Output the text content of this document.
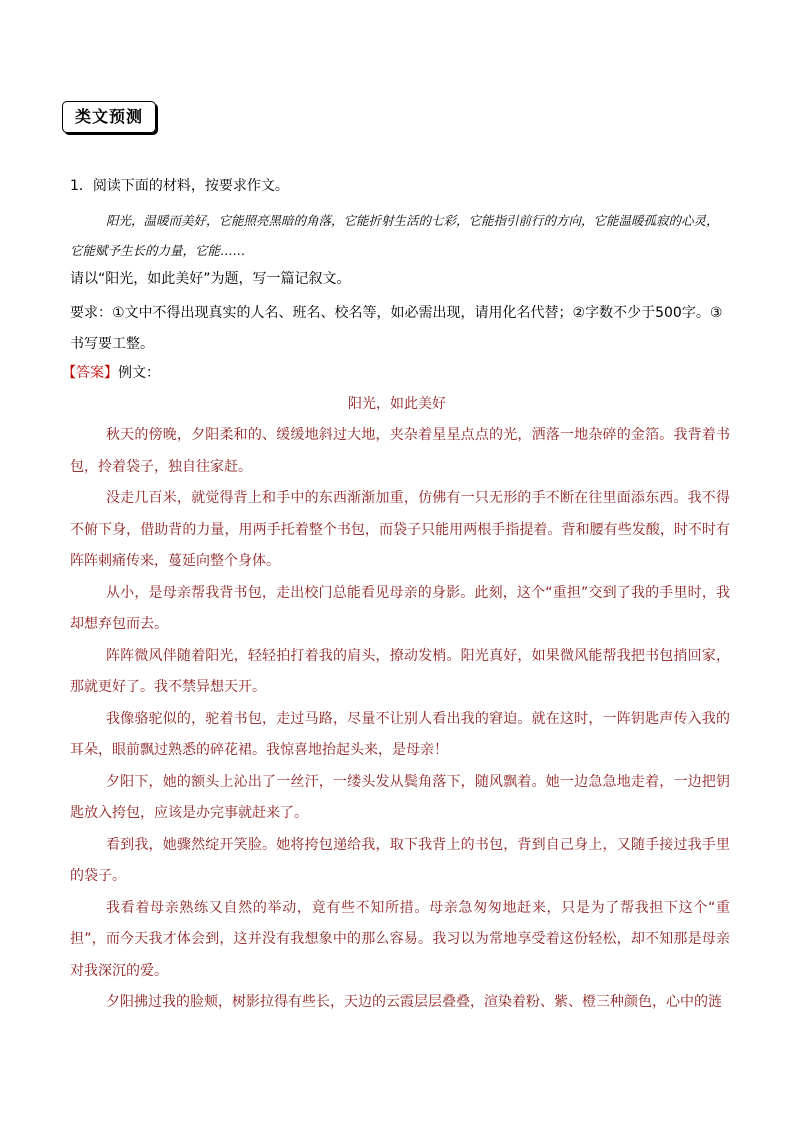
类文预测
1．阅读下面的材料，按要求作文。
阳光，温暖而美好，它能照亮黑暗的角落，它能折射生活的七彩，它能指引前行的方向，它能温暖孤寂的心灵，它能赋予生长的力量，它能……
请以“阳光，如此美好”为题，写一篇记叙文。
要求：①文中不得出现真实的人名、班名、校名等，如必需出现，请用化名代替；②字数不少于500字。③书写要工整。
【答案】例文：
阳光，如此美好

秋天的傍晚，夕阳柔和的、缓缓地斜过大地，夹杂着星星点点的光，洒落一地杂碎的金箔。我背着书包，拎着袋子，独自往家赶。

没走几百米，就觉得背上和手中的东西渐渐加重，仿佛有一只无形的手不断在往里面添东西。我不得不俯下身，借助背的力量，用两手托着整个书包，而袋子只能用两根手指提着。背和腰有些发酸，时不时有阵阵刺痛传来，蔓延向整个身体。

从小，是母亲帮我背书包，走出校门总能看见母亲的身影。此刻，这个“重担”交到了我的手里时，我却想弃包而去。

阵阵微风伴随着阳光，轻轻拍打着我的肩头，撩动发梢。阳光真好，如果微风能帮我把书包捎回家，那就更好了。我不禁异想天开。

我像骆驼似的，驼着书包，走过马路，尽量不让别人看出我的窘迫。就在这时，一阵钥匙声传入我的耳朵，眼前飘过熟悉的碎花裙。我惊喜地抬起头来，是母亲！

夕阳下，她的额头上沁出了一丝汗，一缕头发从鬓角落下，随风飘着。她一边急急地走着，一边把钥匙放入挎包，应该是办完事就赶来了。

看到我，她骤然绽开笑脸。她将挎包递给我，取下我背上的书包，背到自己身上，又随手接过我手里的袋子。

我看着母亲熟练又自然的举动，竟有些不知所措。母亲急匆匆地赶来，只是为了帮我担下这个“重担”，而今天我才体会到，这并没有我想象中的那么容易。我习以为常地享受着这份轻松，却不知那是母亲对我深沉的爱。

夕阳拂过我的脸颊，树影拉得有些长，天边的云霞层层叠叠，渲染着粉、紫、橙三种颜色，心中的涟
